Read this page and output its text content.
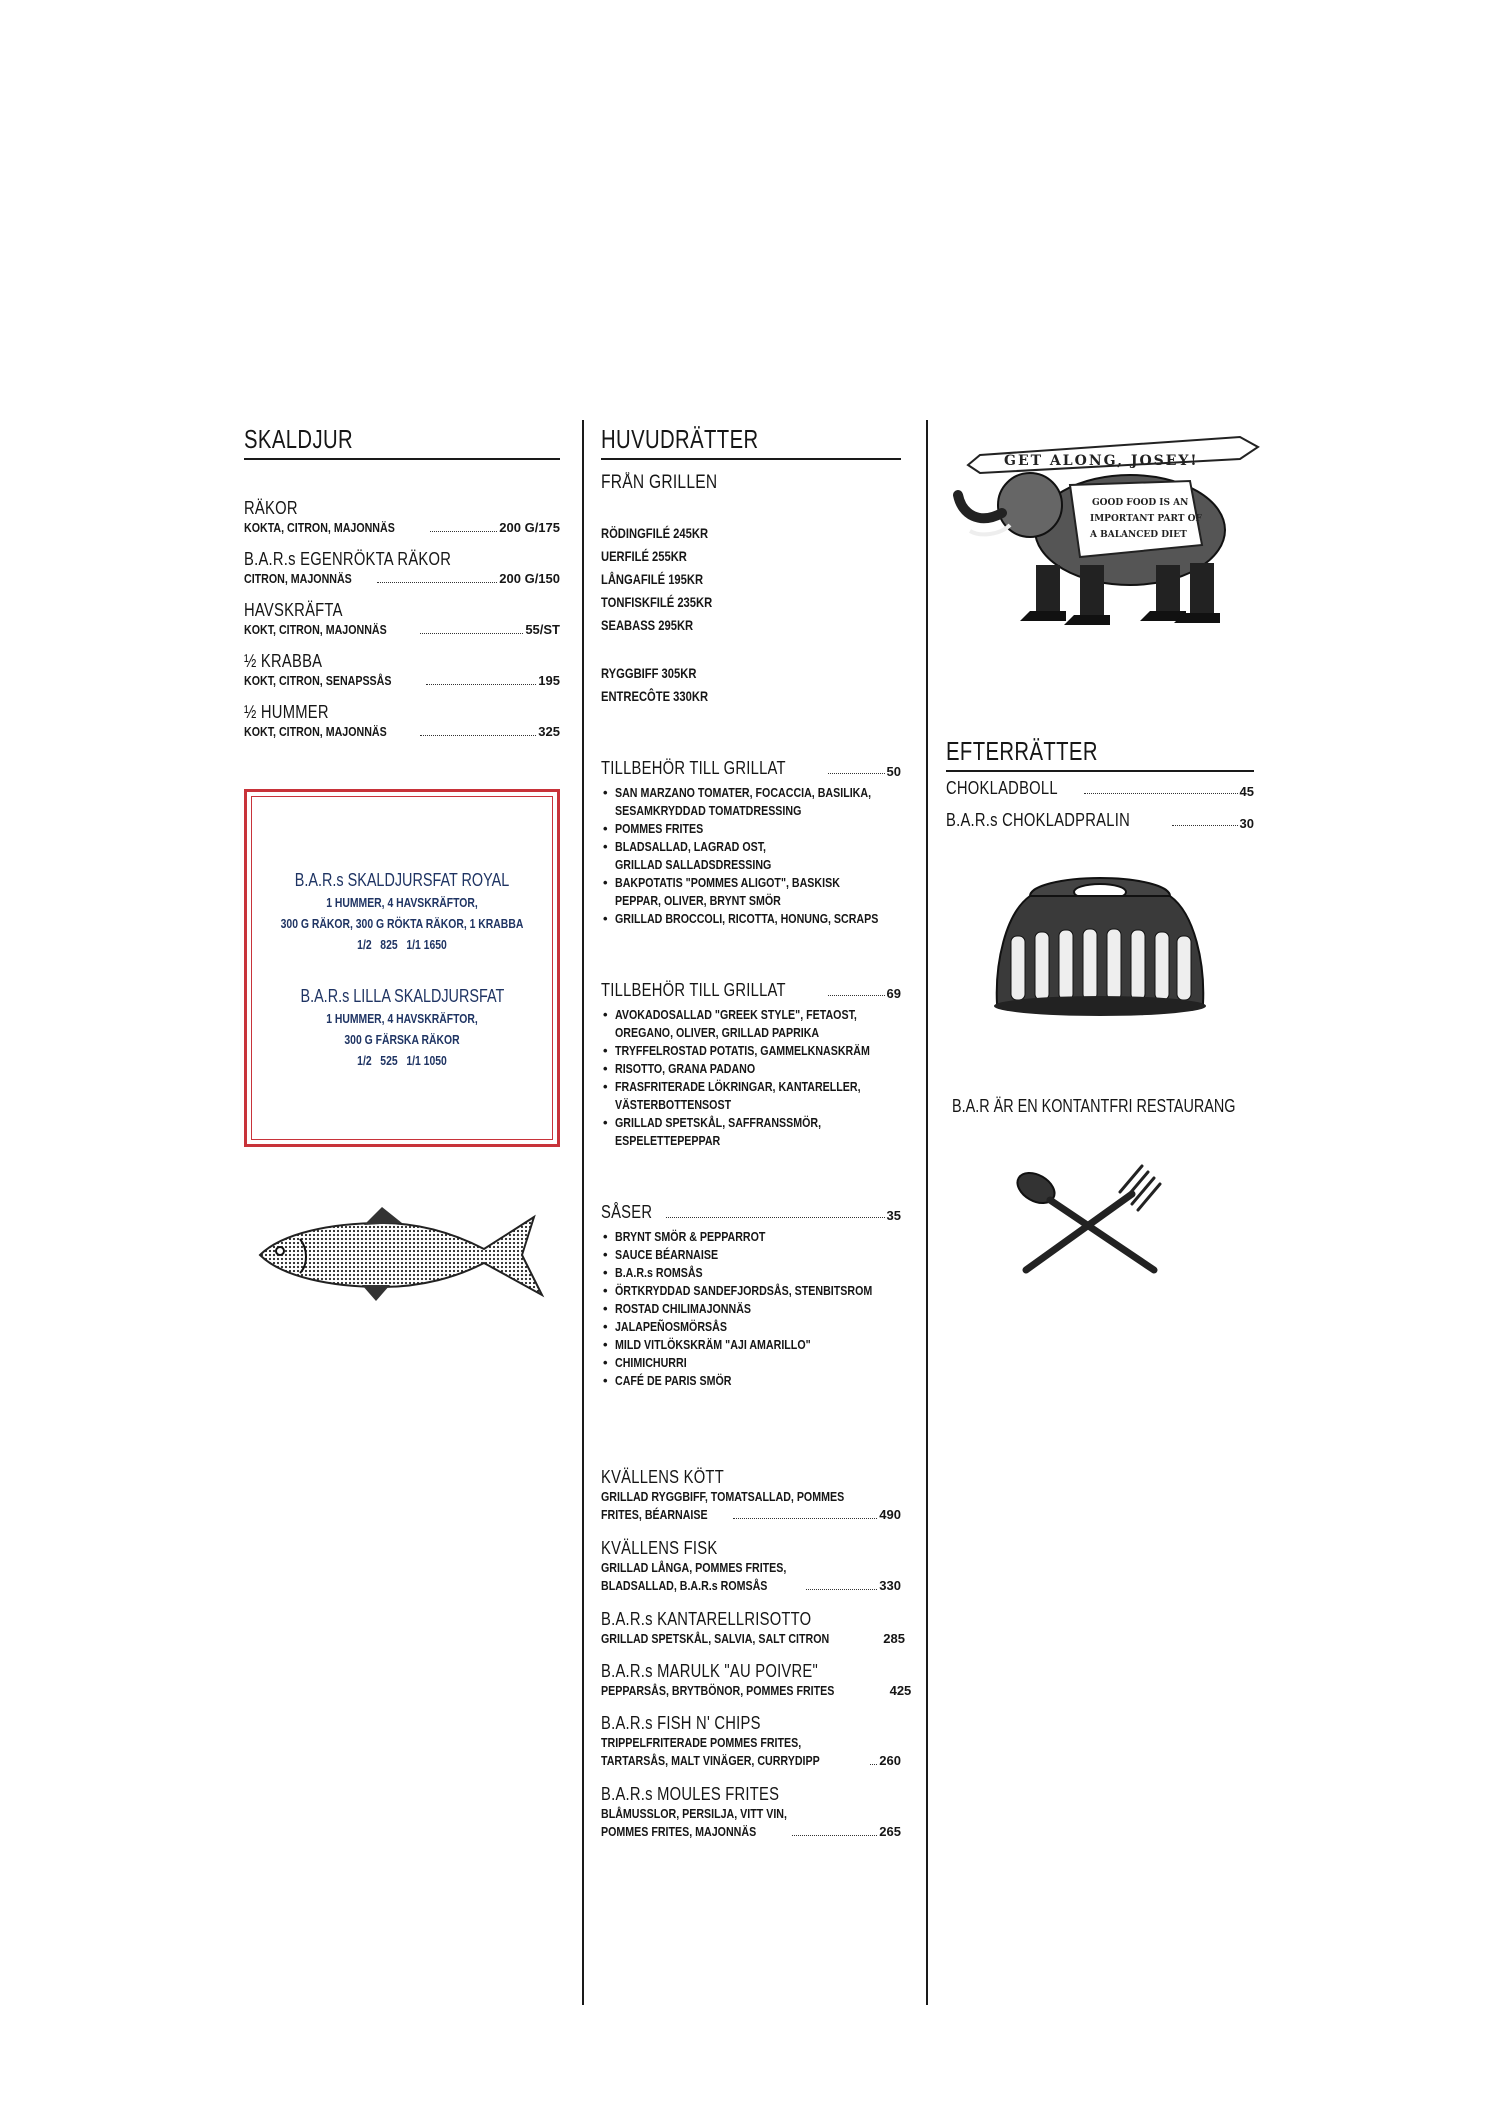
SKALDJUR
RÄKOR
KOKTA, CITRON, MAJONNÄS	200 G/175
B.A.R.s EGENRÖKTA RÄKOR
CITRON, MAJONNÄS	200 G/150
HAVSKRÄFTA
KOKT, CITRON, MAJONNÄS	55/ST
½ KRABBA
KOKT, CITRON, SENAPSSÅS	195
½ HUMMER
KOKT, CITRON, MAJONNÄS	325
B.A.R.s SKALDJURSFAT ROYAL
1 HUMMER, 4 HAVSKRÄFTOR,
300 G RÄKOR, 300 G RÖKTA RÄKOR, 1 KRABBA
1/2   825   1/1 1650
B.A.R.s LILLA SKALDJURSFAT
1 HUMMER, 4 HAVSKRÄFTOR,
300 G FÄRSKA RÄKOR
1/2   525   1/1 1050
HUVUDRÄTTER
FRÅN GRILLEN
RÖDINGFILÉ 245KR
UERFILÉ 255KR
LÅNGAFILÉ 195KR
TONFISKFILÉ 235KR
SEABASS 295KR
RYGGBIFF 305KR
ENTRECÔTE 330KR
TILLBEHÖR TILL GRILLAT	50
• SAN MARZANO TOMATER, FOCACCIA, BASILIKA,
SESAMKRYDDAD TOMATDRESSING
• POMMES FRITES
• BLADSALLAD, LAGRAD OST,
GRILLAD SALLADSDRESSING
• BAKPOTATIS "POMMES ALIGOT", BASKISK
PEPPAR, OLIVER, BRYNT SMÖR
• GRILLAD BROCCOLI, RICOTTA, HONUNG, SCRAPS
TILLBEHÖR TILL GRILLAT	69
• AVOKADOSALLAD "GREEK STYLE", FETAOST,
OREGANO, OLIVER, GRILLAD PAPRIKA
• TRYFFELROSTAD POTATIS, GAMMELKNASKRÄM
• RISOTTO, GRANA PADANO
• FRASFRITERADE LÖKRINGAR, KANTARELLER,
VÄSTERBOTTENSOST
• GRILLAD SPETSKÅL, SAFFRANSSMÖR,
ESPELETTEPEPPAR
SÅSER	35
• BRYNT SMÖR & PEPPARROT
• SAUCE BÉARNAISE
• B.A.R.s ROMSÅS
• ÖRTKRYDDAD SANDEFJORDSÅS, STENBITSROM
• ROSTAD CHILIMAJONNÄS
• JALAPEÑOSMÖRSÅS
• MILD VITLÖKSKRÄM "AJI AMARILLO"
• CHIMICHURRI
• CAFÉ DE PARIS SMÖR
KVÄLLENS KÖTT
GRILLAD RYGGBIFF, TOMATSALLAD, POMMES
FRITES, BÉARNAISE	490
KVÄLLENS FISK
GRILLAD LÅNGA, POMMES FRITES,
BLADSALLAD, B.A.R.s ROMSÅS	330
B.A.R.s KANTARELLRISOTTO
GRILLAD SPETSKÅL, SALVIA, SALT CITRON	285
B.A.R.s MARULK "AU POIVRE"
PEPPARSÅS, BRYTBÖNOR, POMMES FRITES	425
B.A.R.s FISH N' CHIPS
TRIPPELFRITERADE POMMES FRITES,
TARTARSÅS, MALT VINÄGER, CURRYDIPP	260
B.A.R.s MOULES FRITES
BLÅMUSSLOR, PERSILJA, VITT VIN,
POMMES FRITES, MAJONNÄS	265
GET ALONG, JOSEY!
GOOD FOOD IS AN
IMPORTANT PART OF
A BALANCED DIET
EFTERRÄTTER
CHOKLADBOLL	45
B.A.R.s CHOKLADPRALIN	30
B.A.R ÄR EN KONTANTFRI RESTAURANG
